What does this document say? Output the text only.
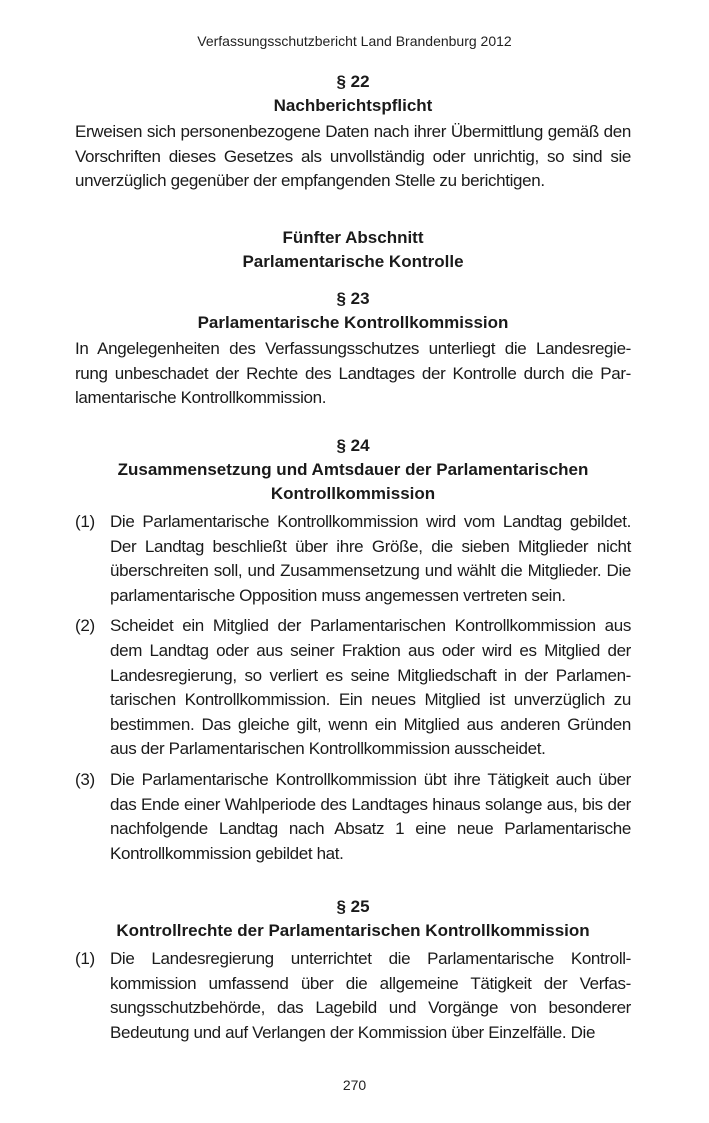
Verfassungsschutzbericht Land Brandenburg 2012
§ 22
Nachberichtspflicht
Erweisen sich personenbezogene Daten nach ihrer Übermittlung gemäß den Vorschriften dieses Gesetzes als unvollständig oder unrichtig, so sind sie unverzüglich gegenüber der empfangenden Stelle zu berichtigen.
Fünfter Abschnitt
Parlamentarische Kontrolle
§ 23
Parlamentarische Kontrollkommission
In Angelegenheiten des Verfassungsschutzes unterliegt die Landesregie-rung unbeschadet der Rechte des Landtages der Kontrolle durch die Par-lamentarische Kontrollkommission.
§ 24
Zusammensetzung und Amtsdauer der Parlamentarischen
Kontrollkommission
(1) Die Parlamentarische Kontrollkommission wird vom Landtag gebildet. Der Landtag beschließt über ihre Größe, die sieben Mitglieder nicht überschreiten soll, und Zusammensetzung und wählt die Mitglieder. Die parlamentarische Opposition muss angemessen vertreten sein.
(2) Scheidet ein Mitglied der Parlamentarischen Kontrollkommission aus dem Landtag oder aus seiner Fraktion aus oder wird es Mitglied der Landesregierung, so verliert es seine Mitgliedschaft in der Parlamen-tarischen Kontrollkommission. Ein neues Mitglied ist unverzüglich zu bestimmen. Das gleiche gilt, wenn ein Mitglied aus anderen Gründen aus der Parlamentarischen Kontrollkommission ausscheidet.
(3) Die Parlamentarische Kontrollkommission übt ihre Tätigkeit auch über das Ende einer Wahlperiode des Landtages hinaus solange aus, bis der nachfolgende Landtag nach Absatz 1 eine neue Parlamentarische Kontrollkommission gebildet hat.
§ 25
Kontrollrechte der Parlamentarischen Kontrollkommission
(1) Die Landesregierung unterrichtet die Parlamentarische Kontroll-kommission umfassend über die allgemeine Tätigkeit der Verfas-sungsschutzbehörde, das Lagebild und Vorgänge von besonderer Bedeutung und auf Verlangen der Kommission über Einzelfälle. Die
270
